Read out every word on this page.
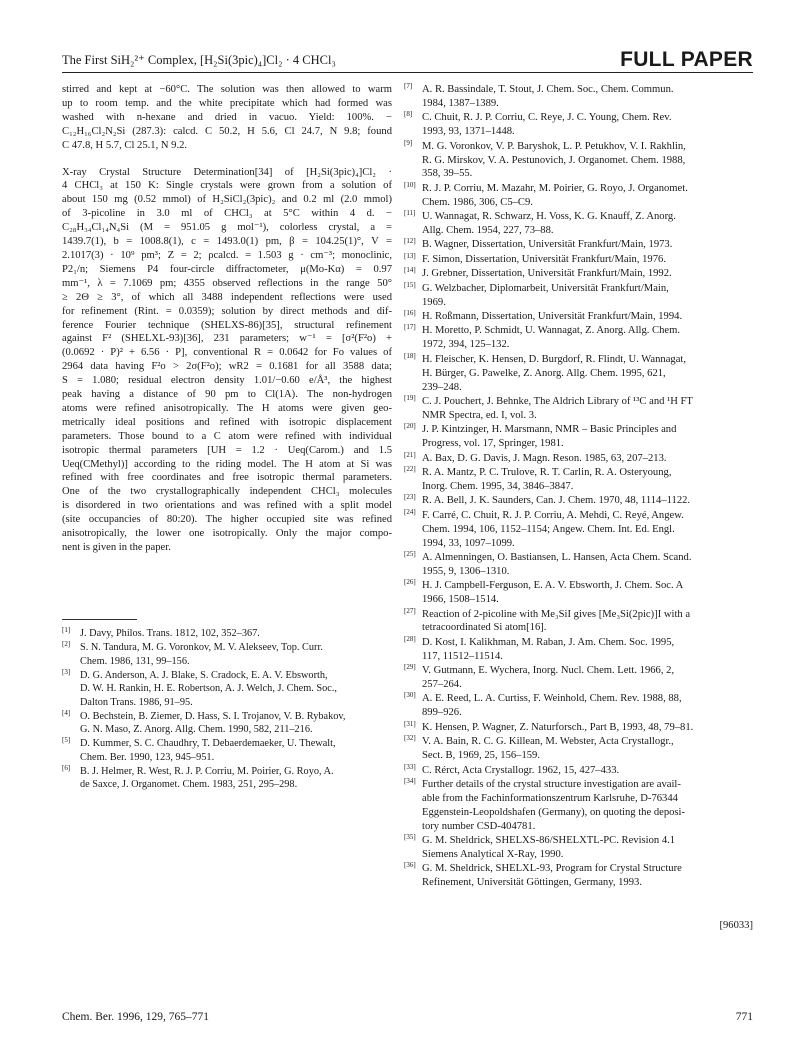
The First SiH₂²⁺ Complex, [H₂Si(3pic)₄]Cl₂ · 4 CHCl₃	FULL PAPER

stirred and kept at −60°C. The solution was then allowed to warm
up to room temp. and the white precipitate which had formed was
washed with n-hexane and dried in vacuo. Yield: 100%. −
C₁₂H₁₆Cl₂N₂Si (287.3): calcd. C 50.2, H 5.6, Cl 24.7, N 9.8; found
C 47.8, H 5.7, Cl 25.1, N 9.2.

X-ray Crystal Structure Determination[34] of [H₂Si(3pic)₄]Cl₂ ·
4 CHCl₃ at 150 K: Single crystals were grown from a solution of
about 150 mg (0.52 mmol) of H₂SiCl₂(3pic)₂ and 0.2 ml (2.0 mmol)
of 3-picoline in 3.0 ml of CHCl₃ at 5°C within 4 d. −
C₂₈H₃₄Cl₁₄N₄Si (M = 951.05 g mol⁻¹), colorless crystal, a =
1439.7(1), b = 1008.8(1), c = 1493.0(1) pm, β = 104.25(1)°, V =
2.1017(3) · 10⁹ pm³; Z = 2; ρcalcd. = 1.503 g · cm⁻³; monoclinic,
P2₁/n; Siemens P4 four-circle diffractometer, μ(Mo-Kα) = 0.97
mm⁻¹, λ = 7.1069 pm; 4355 observed reflections in the range 50°
≥ 2Θ ≥ 3°, of which all 3488 independent reflections were used
for refinement (Rint. = 0.0359); solution by direct methods and dif-
ference Fourier technique (SHELXS-86)[35], structural refinement
against F² (SHELXL-93)[36], 231 parameters; w⁻¹ = [σ²(F²o) +
(0.0692 · P)² + 6.56 · P], conventional R = 0.0642 for Fo values of
2964 data having F²o > 2σ(F²o); wR2 = 0.1681 for all 3588 data;
S = 1.080; residual electron density 1.01/−0.60 e/Å³, the highest
peak having a distance of 90 pm to Cl(1A). The non-hydrogen
atoms were refined anisotropically. The H atoms were given geo-
metrically ideal positions and refined with isotropic displacement
parameters. Those bound to a C atom were refined with individual
isotropic thermal parameters [UH = 1.2 · Ueq(Carom.) and 1.5
Ueq(CMethyl)] according to the riding model. The H atom at Si was
refined with free coordinates and free isotropic thermal parameters.
One of the two crystallographically independent CHCl₃ molecules
is disordered in two orientations and was refined with a split model
(site occupancies of 80:20). The higher occupied site was refined
anisotropically, the lower one isotropically. Only the major compo-
nent is given in the paper.

[1] J. Davy, Philos. Trans. 1812, 102, 352–367.
[2] S. N. Tandura, M. G. Voronkov, M. V. Alekseev, Top. Curr.
Chem. 1986, 131, 99–156.
[3] D. G. Anderson, A. J. Blake, S. Cradock, E. A. V. Ebsworth,
D. W. H. Rankin, H. E. Robertson, A. J. Welch, J. Chem. Soc.,
Dalton Trans. 1986, 91–95.
[4] O. Bechstein, B. Ziemer, D. Hass, S. I. Trojanov, V. B. Rybakov,
G. N. Maso, Z. Anorg. Allg. Chem. 1990, 582, 211–216.
[5] D. Kummer, S. C. Chaudhry, T. Debaerdemaeker, U. Thewalt,
Chem. Ber. 1990, 123, 945–951.
[6] B. J. Helmer, R. West, R. J. P. Corriu, M. Poirier, G. Royo, A.
de Saxce, J. Organomet. Chem. 1983, 251, 295–298.
[7] A. R. Bassindale, T. Stout, J. Chem. Soc., Chem. Commun.
1984, 1387–1389.
[8] C. Chuit, R. J. P. Corriu, C. Reye, J. C. Young, Chem. Rev.
1993, 93, 1371–1448.
[9] M. G. Voronkov, V. P. Baryshok, L. P. Petukhov, V. I. Rakhlin,
R. G. Mirskov, V. A. Pestunovich, J. Organomet. Chem. 1988,
358, 39–55.
[10] R. J. P. Corriu, M. Mazahr, M. Poirier, G. Royo, J. Organomet.
Chem. 1986, 306, C5–C9.
[11] U. Wannagat, R. Schwarz, H. Voss, K. G. Knauff, Z. Anorg.
Allg. Chem. 1954, 227, 73–88.
[12] B. Wagner, Dissertation, Universität Frankfurt/Main, 1973.
[13] F. Simon, Dissertation, Universität Frankfurt/Main, 1976.
[14] J. Grebner, Dissertation, Universität Frankfurt/Main, 1992.
[15] G. Welzbacher, Diplomarbeit, Universität Frankfurt/Main,
1969.
[16] H. Roßmann, Dissertation, Universität Frankfurt/Main, 1994.
[17] H. Moretto, P. Schmidt, U. Wannagat, Z. Anorg. Allg. Chem.
1972, 394, 125–132.
[18] H. Fleischer, K. Hensen, D. Burgdorf, R. Flindt, U. Wannagat,
H. Bürger, G. Pawelke, Z. Anorg. Allg. Chem. 1995, 621,
239–248.
[19] C. J. Pouchert, J. Behnke, The Aldrich Library of ¹³C and ¹H FT
NMR Spectra, ed. I, vol. 3.
[20] J. P. Kintzinger, H. Marsmann, NMR – Basic Principles and
Progress, vol. 17, Springer, 1981.
[21] A. Bax, D. G. Davis, J. Magn. Reson. 1985, 63, 207–213.
[22] R. A. Mantz, P. C. Trulove, R. T. Carlin, R. A. Osteryoung,
Inorg. Chem. 1995, 34, 3846–3847.
[23] R. A. Bell, J. K. Saunders, Can. J. Chem. 1970, 48, 1114–1122.
[24] F. Carré, C. Chuit, R. J. P. Corriu, A. Mehdi, C. Reyé, Angew.
Chem. 1994, 106, 1152–1154; Angew. Chem. Int. Ed. Engl.
1994, 33, 1097–1099.
[25] A. Almenningen, O. Bastiansen, L. Hansen, Acta Chem. Scand.
1955, 9, 1306–1310.
[26] H. J. Campbell-Ferguson, E. A. V. Ebsworth, J. Chem. Soc. A
1966, 1508–1514.
[27] Reaction of 2-picoline with Me₃SiI gives [Me₃Si(2pic)]I with a
tetracoordinated Si atom[16].
[28] D. Kost, I. Kalikhman, M. Raban, J. Am. Chem. Soc. 1995,
117, 11512–11514.
[29] V. Gutmann, E. Wychera, Inorg. Nucl. Chem. Lett. 1966, 2,
257–264.
[30] A. E. Reed, L. A. Curtiss, F. Weinhold, Chem. Rev. 1988, 88,
899–926.
[31] K. Hensen, P. Wagner, Z. Naturforsch., Part B, 1993, 48, 79–81.
[32] V. A. Bain, R. C. G. Killean, M. Webster, Acta Crystallogr.,
Sect. B, 1969, 25, 156–159.
[33] C. Rérct, Acta Crystallogr. 1962, 15, 427–433.
[34] Further details of the crystal structure investigation are avail-
able from the Fachinformationszentrum Karlsruhe, D-76344
Eggenstein-Leopoldshafen (Germany), on quoting the deposi-
tory number CSD-404781.
[35] G. M. Sheldrick, SHELXS-86/SHELXTL-PC. Revision 4.1
Siemens Analytical X-Ray, 1990.
[36] G. M. Sheldrick, SHELXL-93, Program for Crystal Structure
Refinement, Universität Göttingen, Germany, 1993.
[96033]
Chem. Ber. 1996, 129, 765–771	771
